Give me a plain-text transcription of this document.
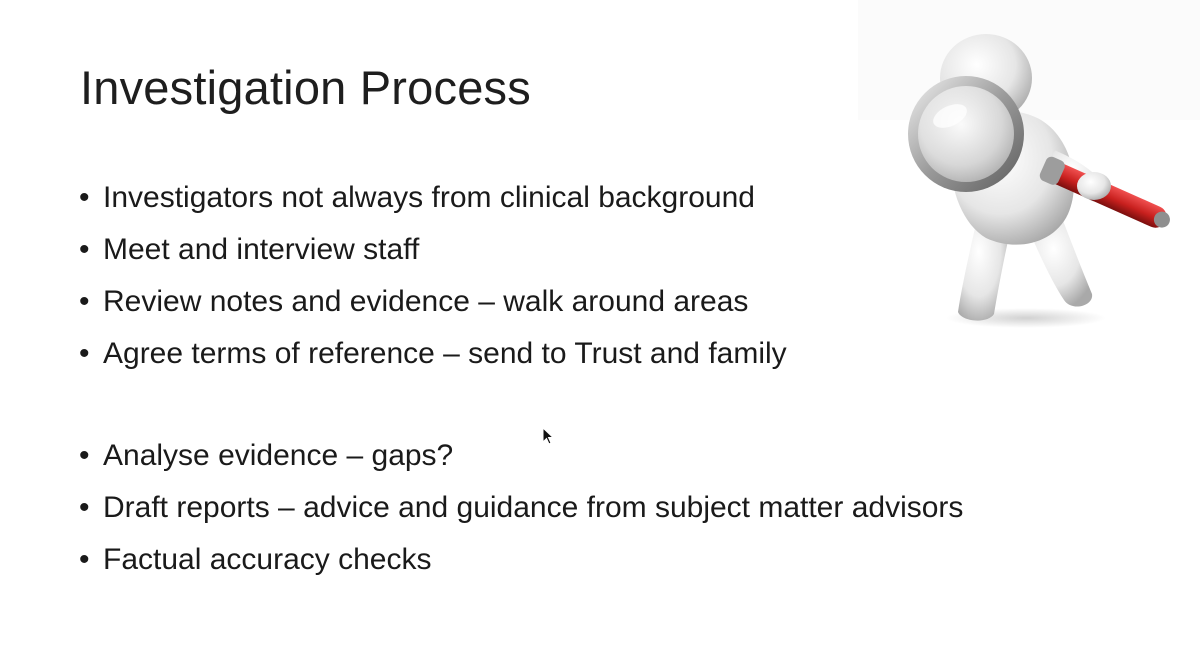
Investigation Process
• Investigators not always from clinical background
• Meet and interview staff
• Review notes and evidence – walk around areas
• Agree terms of reference – send to Trust and family
• Analyse evidence – gaps?
• Draft reports – advice and guidance from subject matter advisors
• Factual accuracy checks
